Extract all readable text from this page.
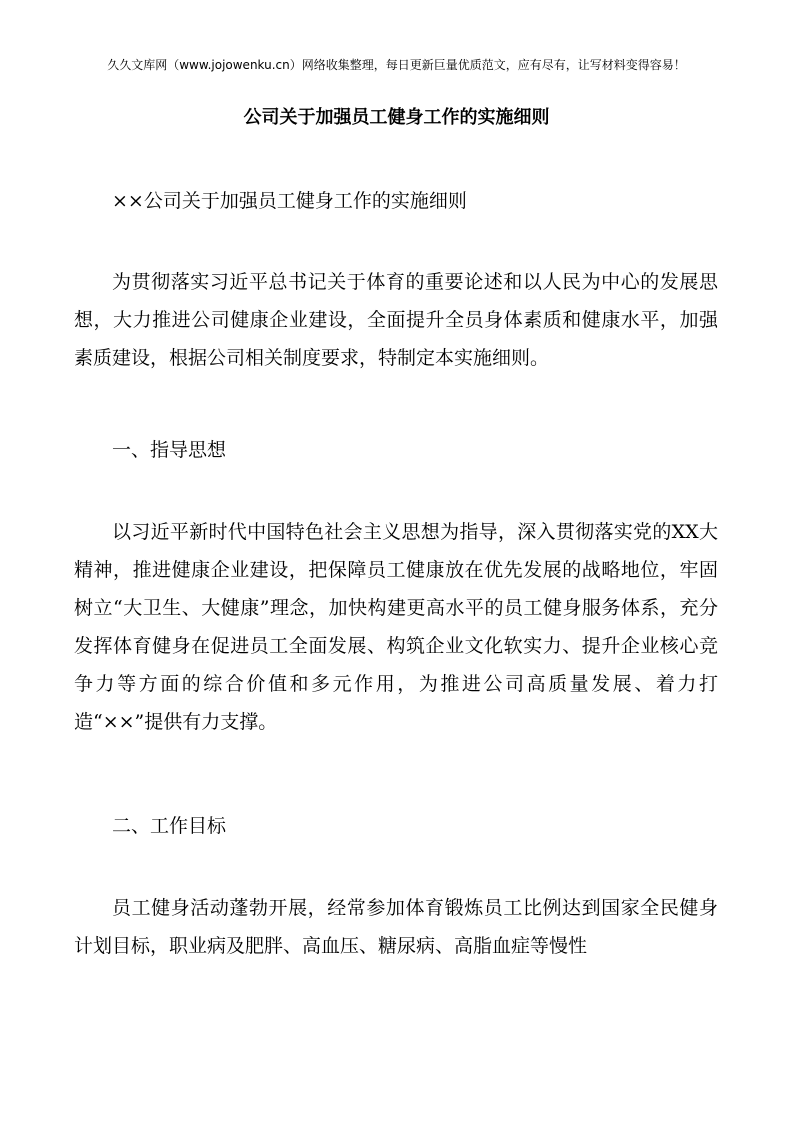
久久文库网（www.jojowenku.cn）网络收集整理，每日更新巨量优质范文，应有尽有，让写材料变得容易！
公司关于加强员工健身工作的实施细则
××公司关于加强员工健身工作的实施细则
为贯彻落实习近平总书记关于体育的重要论述和以人民为中心的发展思想，大力推进公司健康企业建设，全面提升全员身体素质和健康水平，加强素质建设，根据公司相关制度要求，特制定本实施细则。
一、指导思想
以习近平新时代中国特色社会主义思想为指导，深入贯彻落实党的XX大精神，推进健康企业建设，把保障员工健康放在优先发展的战略地位，牢固树立“大卫生、大健康”理念，加快构建更高水平的员工健身服务体系，充分发挥体育健身在促进员工全面发展、构筑企业文化软实力、提升企业核心竞争力等方面的综合价值和多元作用，为推进公司高质量发展、着力打造“××”提供有力支撑。
二、工作目标
员工健身活动蓬勃开展，经常参加体育锻炼员工比例达到国家全民健身计划目标，职业病及肥胖、高血压、糖尿病、高脂血症等慢性
